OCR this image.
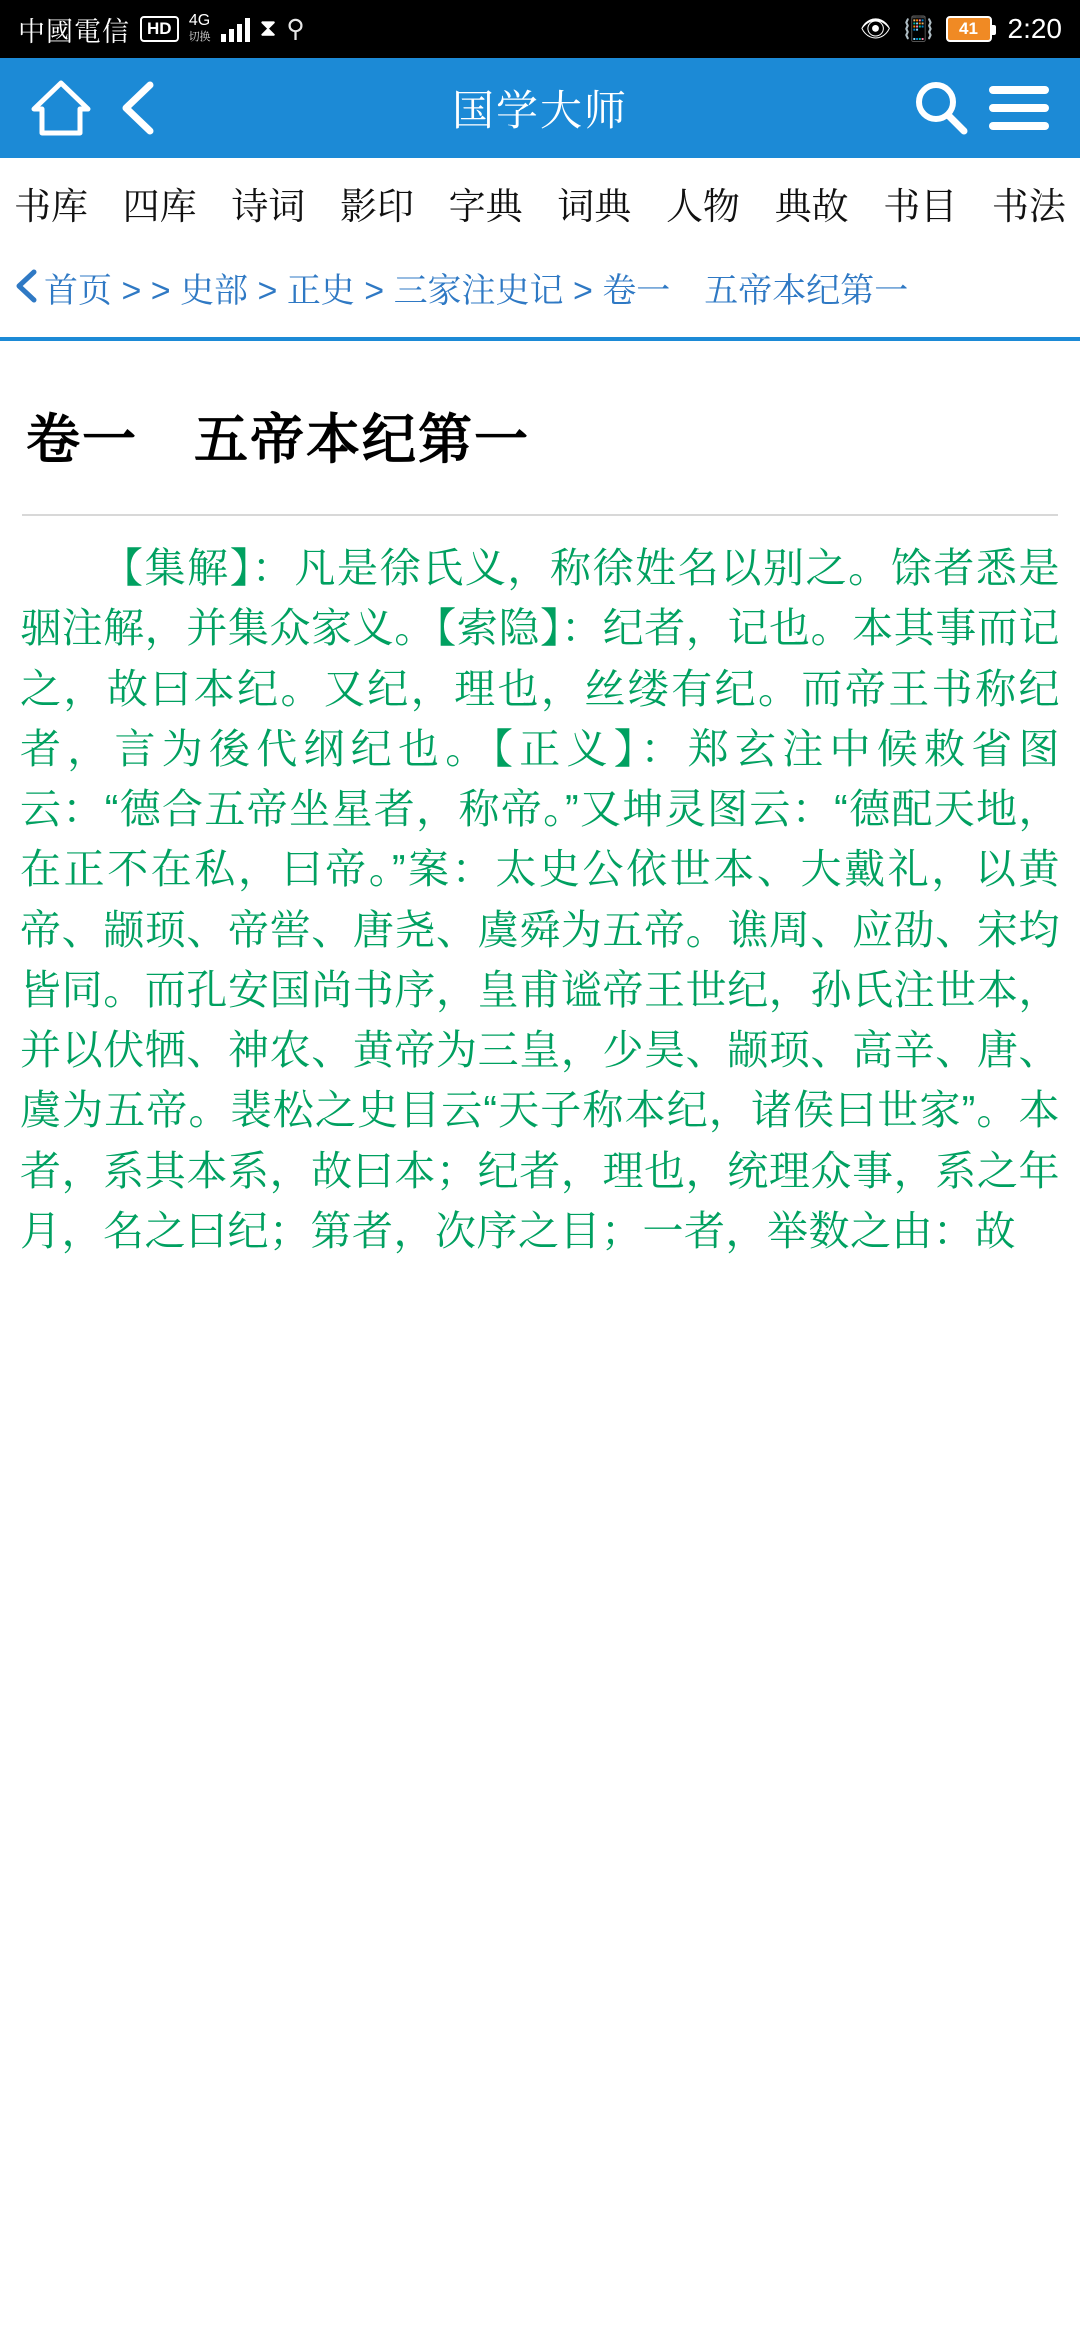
中國電信	HD	4G
切换 ⧗ ⚲	👁 📳	41	2:20
国学大师
书库 四库 诗词 影印 字典 词典 人物 典故 书目 书法
首页 > > 史部 > 正史 > 三家注史记 > 卷一　五帝本纪第一
卷一　五帝本纪第一

【集解】：凡是徐氏义，称徐姓名以别之。馀者悉是骃注解，并集众家义。【索隐】：纪者，记也。本其事而记之，故曰本纪。又纪，理也，丝缕有纪。而帝王书称纪者，言为後代纲纪也。【正义】：郑玄注中候敕省图云：“德合五帝坐星者，称帝。”又坤灵图云：“德配天地，在正不在私，曰帝。”案：太史公依世本、大戴礼，以黄帝、颛顼、帝喾、唐尧、虞舜为五帝。谯周、应劭、宋均皆同。而孔安国尚书序，皇甫谧帝王世纪，孙氏注世本，并以伏牺、神农、黄帝为三皇，少昊、颛顼、高辛、唐、虞为五帝。裴松之史目云“天子称本纪，诸侯曰世家”。本者，系其本系，故曰本；纪者，理也，统理众事，系之年月，名之曰纪；第者，次序之目；一者，举数之由：故
